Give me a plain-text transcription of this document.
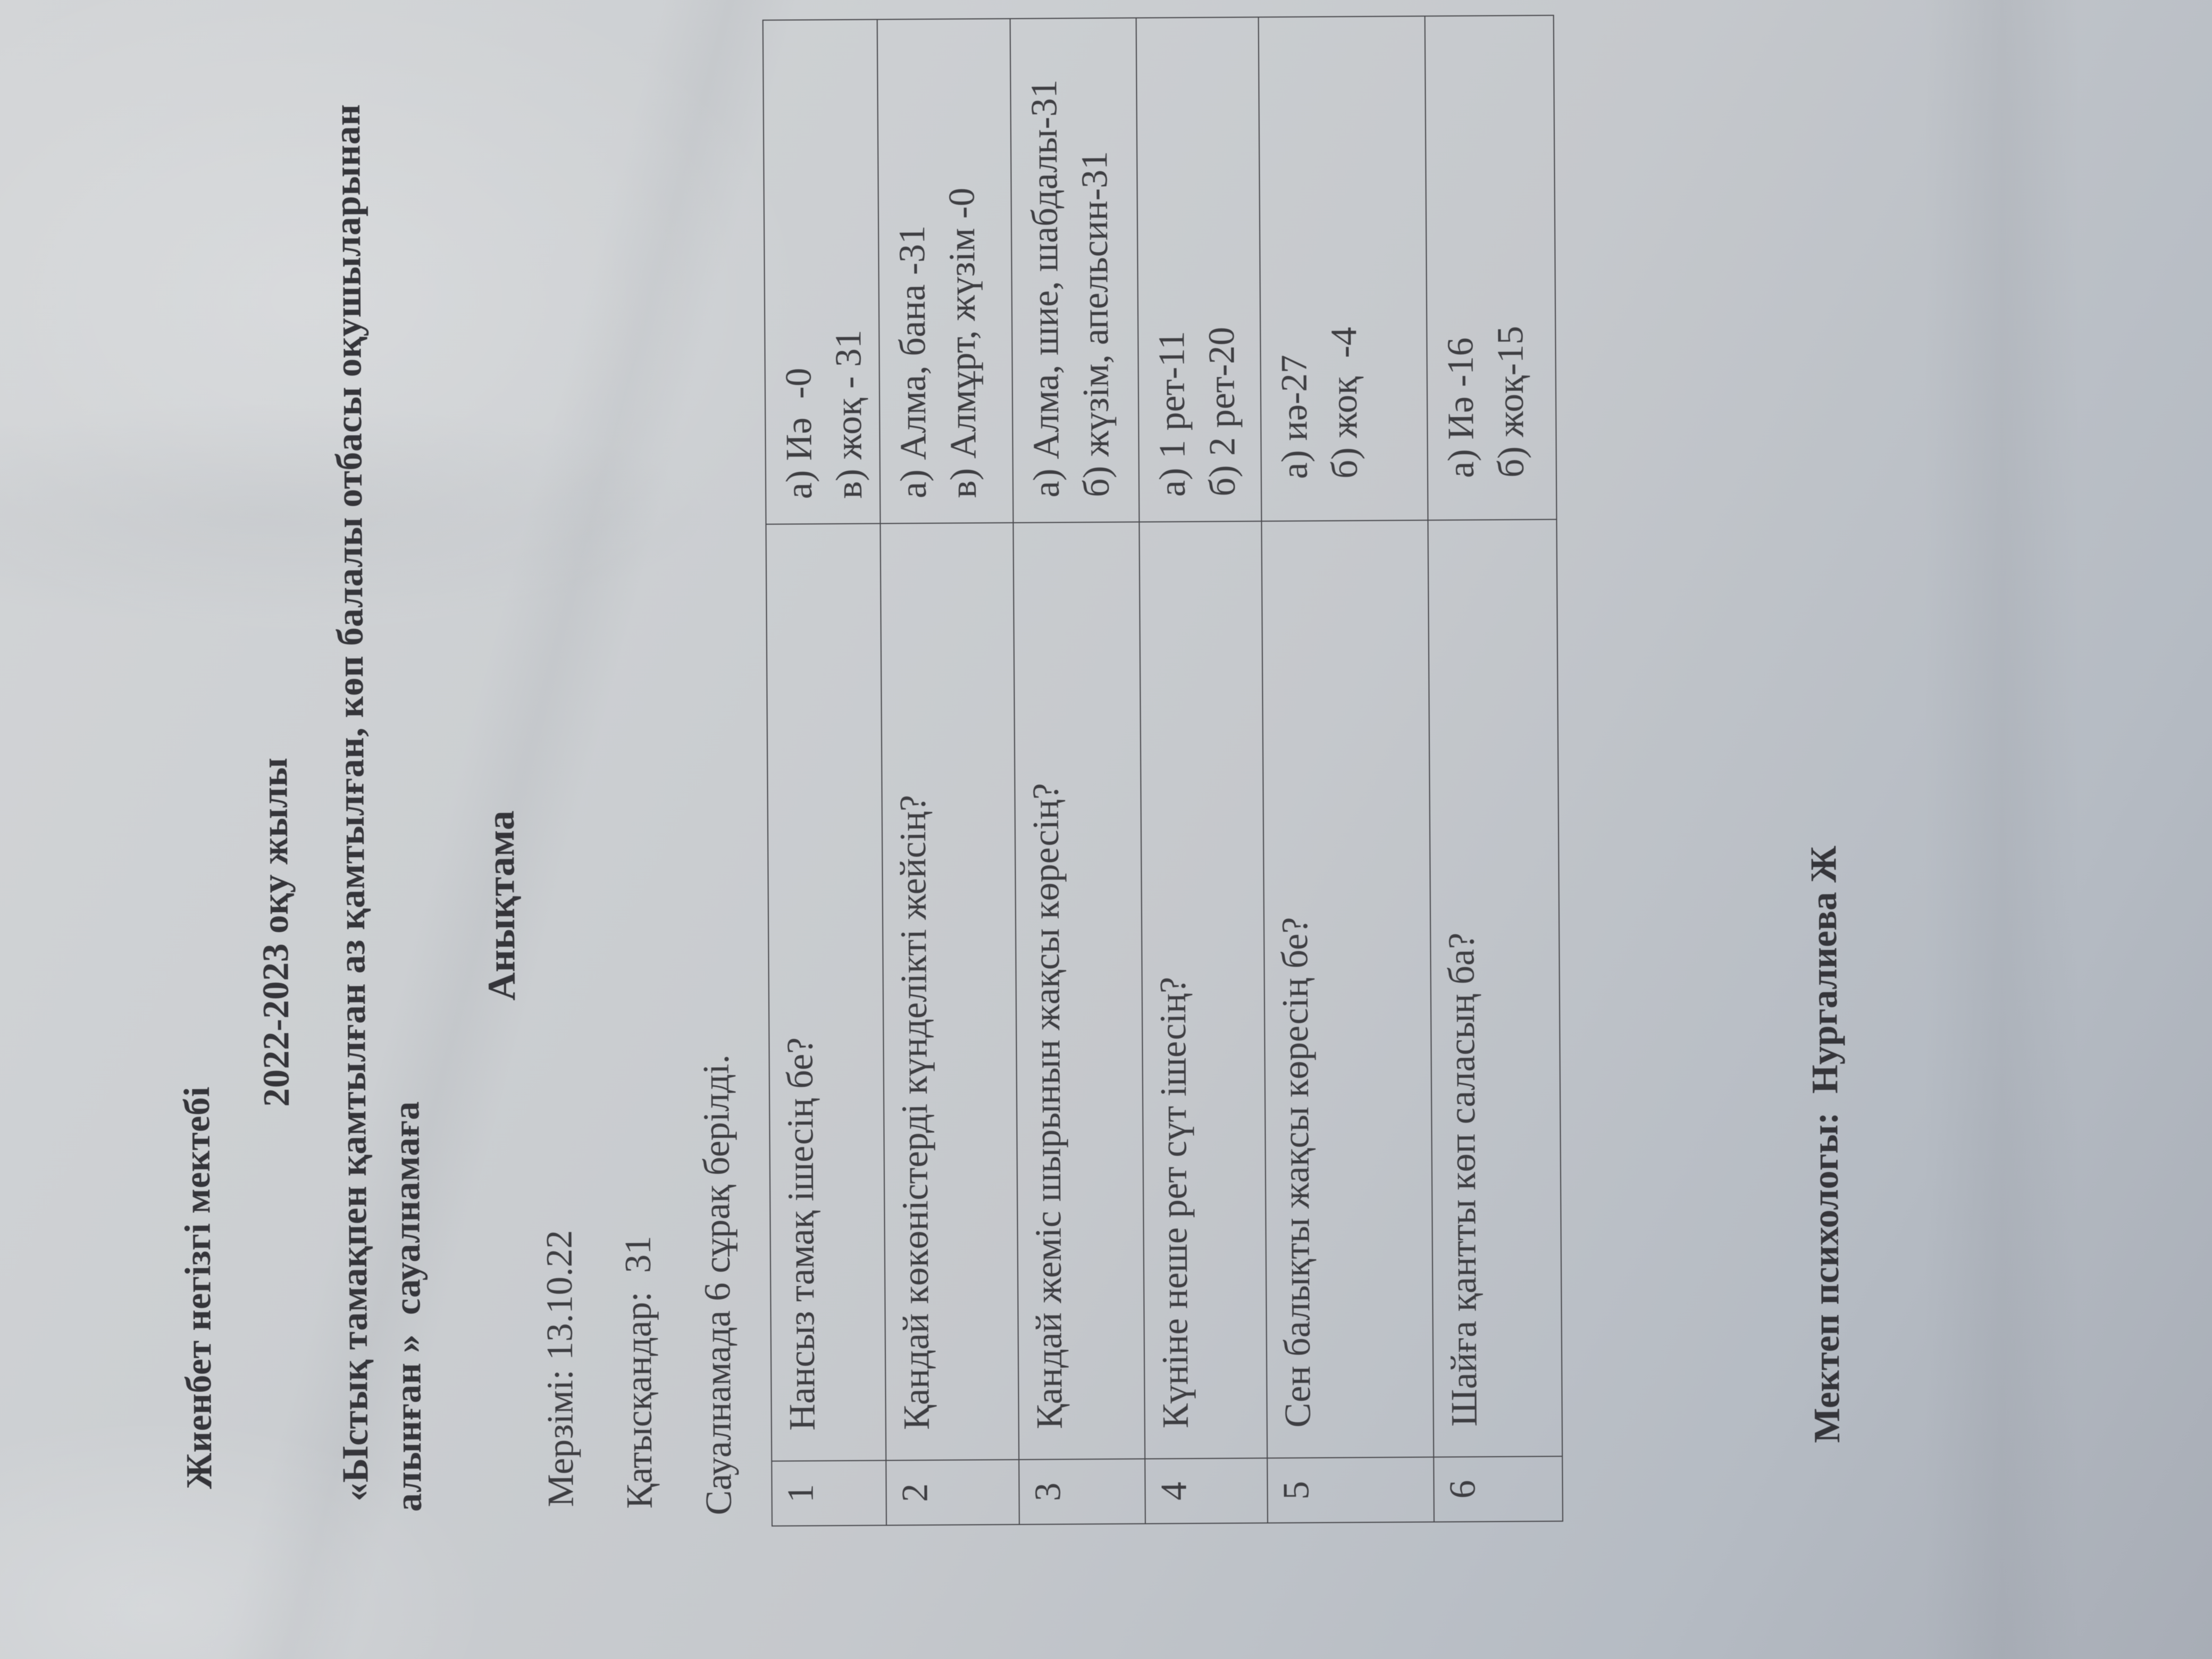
Жиенбет негізгі мектебі
2022-2023 оқу жылы «Ыстық тамақпен қамтылған аз қамтылған, көп балалы отбасы оқушыларынан алынған »  сауалнамаға
Анықтама
Мерзімі: 13.10.22 Қатысқандар:  31 Сауалнамада 6 сұрақ берілді. 1	Нансыз тамақ ішесің бе?	а) Иә  -0 в) жоқ - 31

2	Қандай көкөністерді күнделікті жейсің?	а) Алма, бана -31 в) Алмұрт, жүзім -0

3	Қандай жеміс шырынын жақсы көресің?	а) Алма, шие, шабдалы-31 б) жүзім, апельсин-31

4	Күніне неше рет сүт ішесің?	а) 1 рет-11 б) 2 рет-20

5	Сен балықты жақсы көресің бе?	а) иә-27 б) жоқ  -4

6	Шайға қантты көп саласың ба?	а) Иә -16 б) жоқ-15
Мектеп психологы:  Нургалиева Ж
